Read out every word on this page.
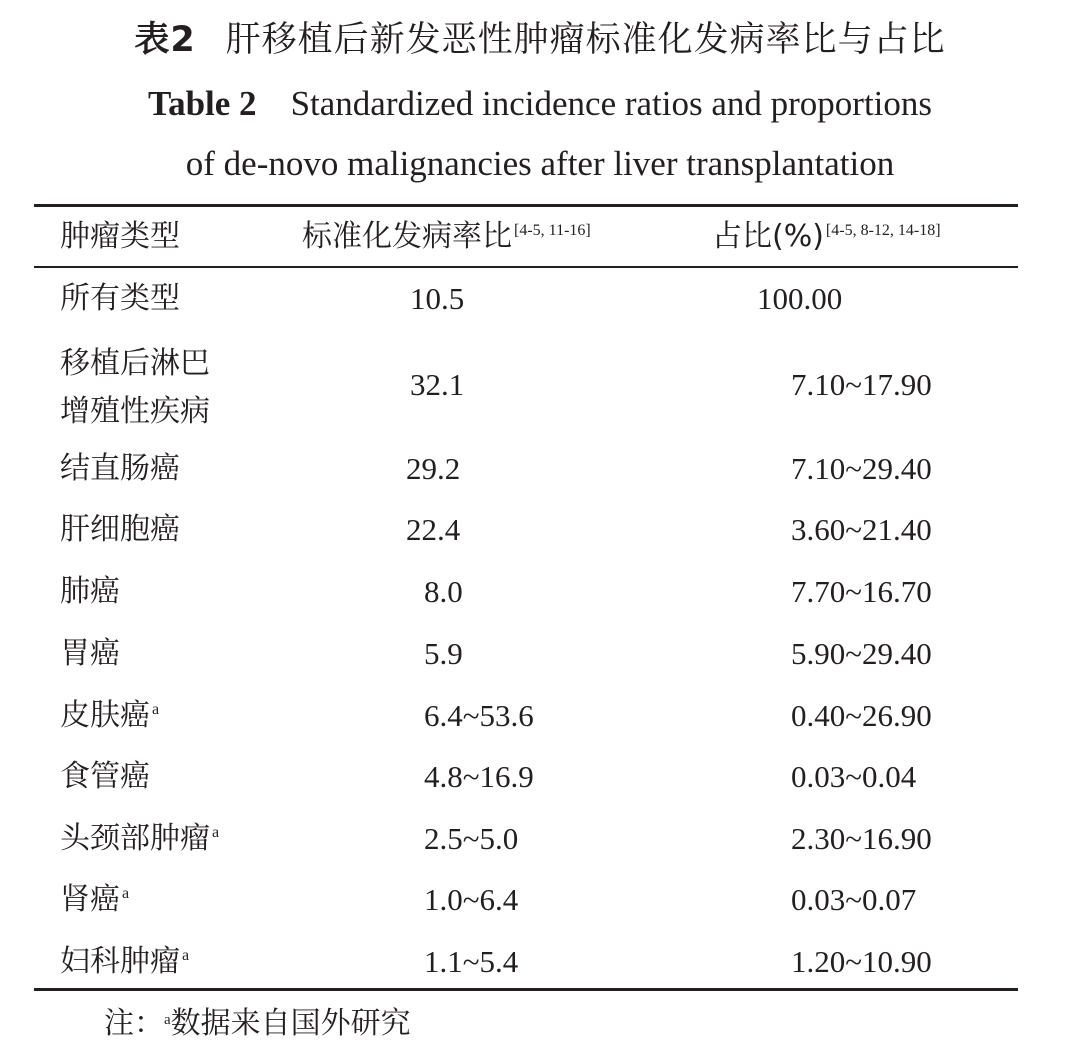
表2 肝移植后新发恶性肿瘤标准化发病率比与占比
Table 2 Standardized incidence ratios and proportions
of de-novo malignancies after liver transplantation
肿瘤类型	标准化发病率比 [4-5, 11-16]	占比(%) [4-5, 8-12, 14-18]
所有类型	10.5	100.00
移植后淋巴
增殖性疾病
32.1	7.10~17.90
结直肠癌	29.2	7.10~29.40
肝细胞癌	22.4	3.60~21.40
肺癌	8.0	7.70~16.70
胃癌	5.9	5.90~29.40
皮肤癌 $^a$	6.4~53.6	0.40~26.90
食管癌	4.8~16.9	0.03~0.04
头颈部肿瘤 $^a$	2.5~5.0	2.30~16.90
肾癌 $^a$	1.0~6.4	0.03~0.07
妇科肿瘤 $^a$	1.1~5.4	1.20~10.90
注：$^a$数据来自国外研究
